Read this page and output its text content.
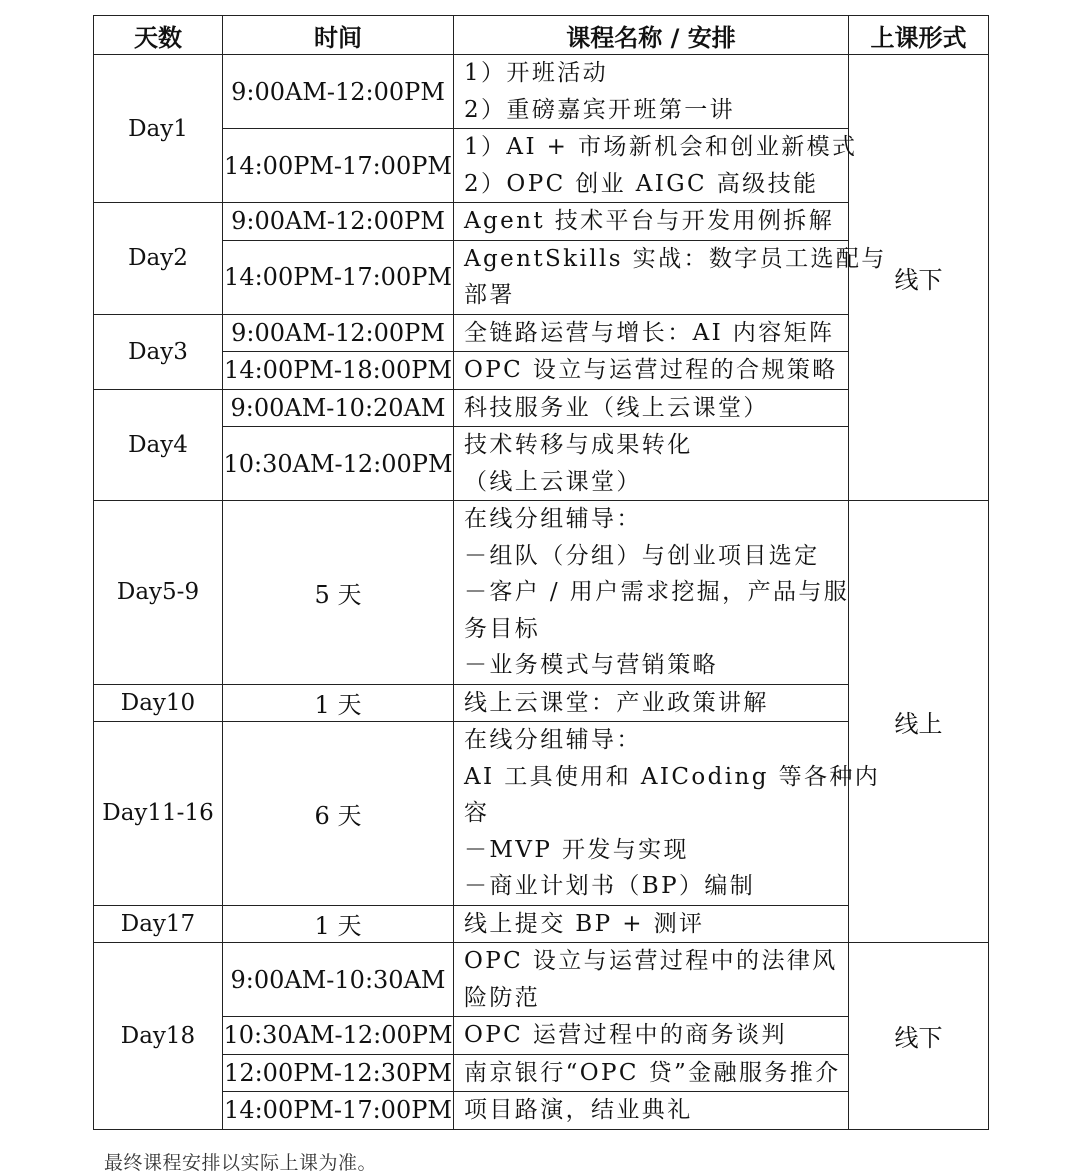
天数	时间	课程名称 / 安排	上课形式
Day1	9:00AM-12:00PM	1）开班活动
2）重磅嘉宾开班第一讲	线下
	14:00PM-17:00PM	1）AI + 市场新机会和创业新模式
2）OPC 创业 AIGC 高级技能	

Day2	9:00AM-12:00PM	Agent 技术平台与开发用例拆解	

	14:00PM-17:00PM	AgentSkills 实战：数字员工选配与
部署	

Day3	9:00AM-12:00PM	全链路运营与增长：AI 内容矩阵	

	14:00PM-18:00PM	OPC 设立与运营过程的合规策略	

Day4	9:00AM-10:20AM	科技服务业（线上云课堂）	

	10:30AM-12:00PM	技术转移与成果转化
（线上云课堂）	

Day5-9	5 天	在线分组辅导：
－组队（分组）与创业项目选定
－客户 / 用户需求挖掘，产品与服
务目标
－业务模式与营销策略	线上
Day10	1 天	线上云课堂：产业政策讲解	

Day11-16	6 天	在线分组辅导：
AI 工具使用和 AICoding 等各种内
容
－MVP 开发与实现
－商业计划书（BP）编制	

Day17	1 天	线上提交 BP + 测评	

Day18	9:00AM-10:30AM	OPC 设立与运营过程中的法律风
险防范	线下
	10:30AM-12:00PM	OPC 运营过程中的商务谈判	

	12:00PM-12:30PM	南京银行“OPC 贷”金融服务推介	

	14:00PM-17:00PM	项目路演，结业典礼	
最终课程安排以实际上课为准。
